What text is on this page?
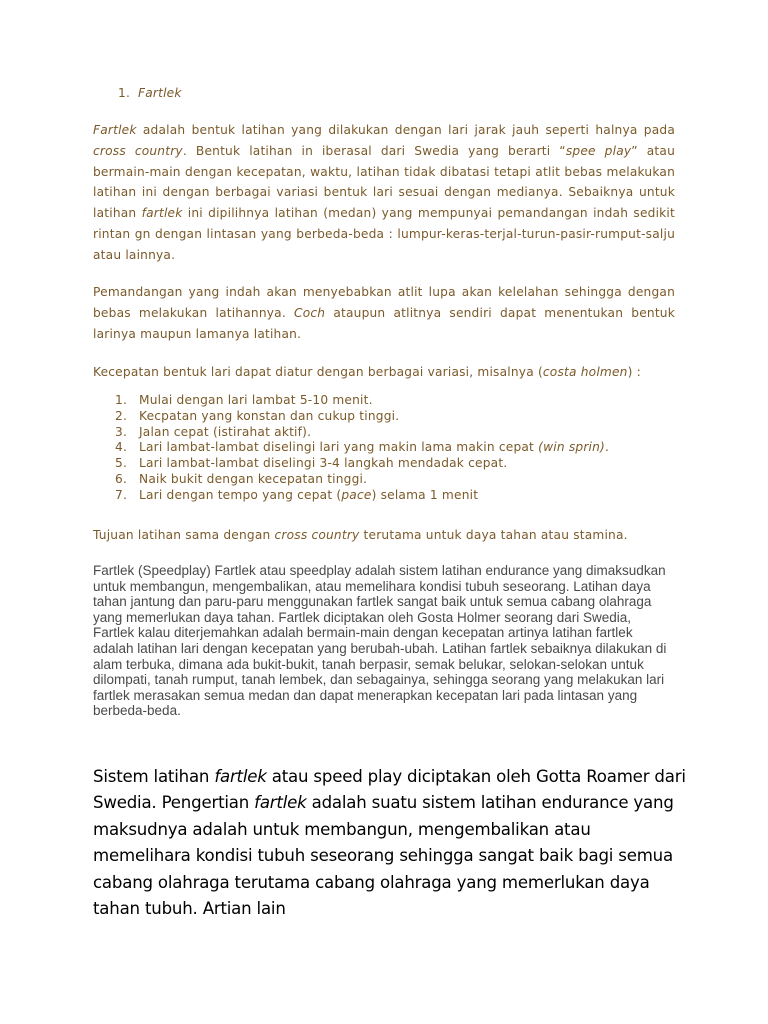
1. Fartlek

Fartlek adalah bentuk latihan yang dilakukan dengan lari jarak jauh seperti halnya pada cross country. Bentuk latihan in iberasal dari Swedia yang berarti “spee play” atau bermain-main dengan kecepatan, waktu, latihan tidak dibatasi tetapi atlit bebas melakukan latihan ini dengan berbagai variasi bentuk lari sesuai dengan medianya. Sebaiknya untuk latihan fartlek ini dipilihnya latihan (medan) yang mempunyai pemandangan indah sedikit rintan gn dengan lintasan yang berbeda-beda : lumpur-keras-terjal-turun-pasir-rumput-salju atau lainnya.

Pemandangan yang indah akan menyebabkan atlit lupa akan kelelahan sehingga dengan bebas melakukan latihannya. Coch ataupun atlitnya sendiri dapat menentukan bentuk larinya maupun lamanya latihan.

Kecepatan bentuk lari dapat diatur dengan berbagai variasi, misalnya (costa holmen) :

1. Mulai dengan lari lambat 5-10 menit.
2. Kecpatan yang konstan dan cukup tinggi.
3. Jalan cepat (istirahat aktif).
4. Lari lambat-lambat diselingi lari yang makin lama makin cepat (win sprin).
5. Lari lambat-lambat diselingi 3-4 langkah mendadak cepat.
6. Naik bukit dengan kecepatan tinggi.
7. Lari dengan tempo yang cepat (pace) selama 1 menit

Tujuan latihan sama dengan cross country terutama untuk daya tahan atau stamina.

Fartlek (Speedplay) Fartlek atau speedplay adalah sistem latihan endurance yang dimaksudkan untuk membangun, mengembalikan, atau memelihara kondisi tubuh seseorang. Latihan daya tahan jantung dan paru-paru menggunakan fartlek sangat baik untuk semua cabang olahraga yang memerlukan daya tahan. Fartlek diciptakan oleh Gosta Holmer seorang dari Swedia, Fartlek kalau diterjemahkan adalah bermain-main dengan kecepatan artinya latihan fartlek adalah latihan lari dengan kecepatan yang berubah-ubah. Latihan fartlek sebaiknya dilakukan di alam terbuka, dimana ada bukit-bukit, tanah berpasir, semak belukar, selokan-selokan untuk dilompati, tanah rumput, tanah lembek, dan sebagainya, sehingga seorang yang melakukan lari fartlek merasakan semua medan dan dapat menerapkan kecepatan lari pada lintasan yang berbeda-beda.

Sistem latihan fartlek atau speed play diciptakan oleh Gotta Roamer dari Swedia. Pengertian fartlek adalah suatu sistem latihan endurance yang maksudnya adalah untuk membangun, mengembalikan atau memelihara kondisi tubuh seseorang sehingga sangat baik bagi semua cabang olahraga terutama cabang olahraga yang memerlukan daya tahan tubuh. Artian lain
